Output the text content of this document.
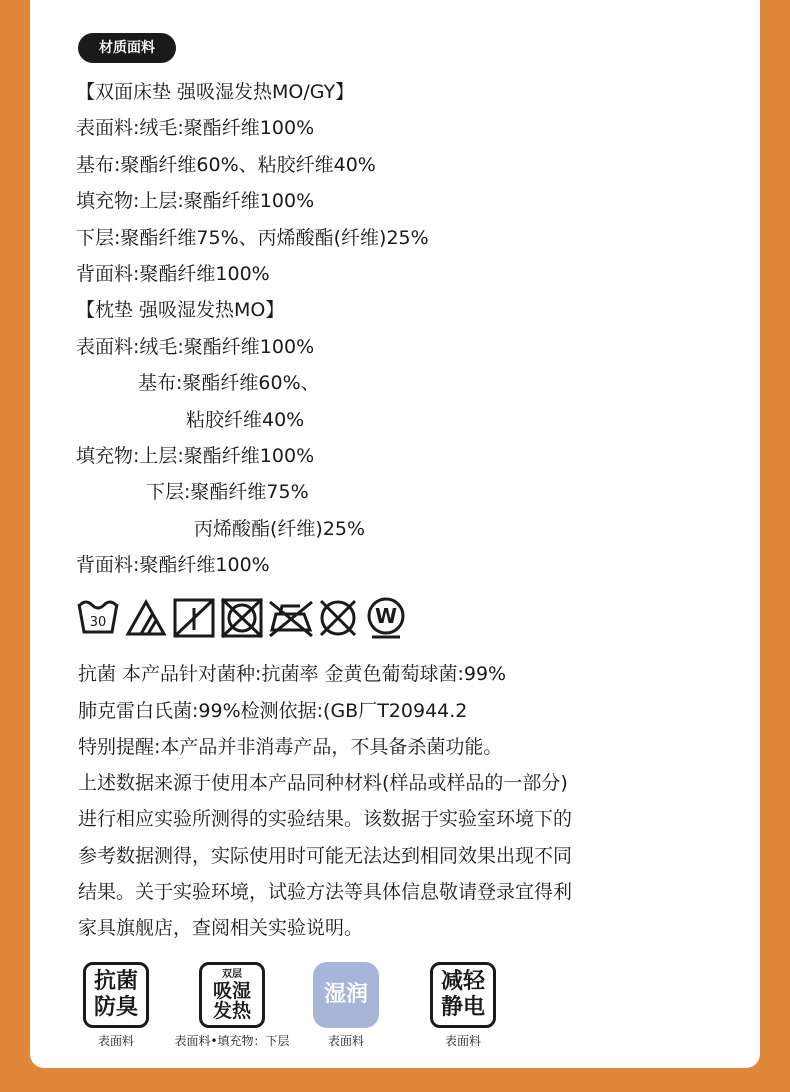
材质面料
【双面床垫 强吸湿发热MO/GY】
表面料:绒毛:聚酯纤维100%
基布:聚酯纤维60%、粘胶纤维40%
填充物:上层:聚酯纤维100%
下层:聚酯纤维75%、丙烯酸酯(纤维)25%
背面料:聚酯纤维100%
【枕垫 强吸湿发热MO】
表面料:绒毛:聚酯纤维100%
基布:聚酯纤维60%、
粘胶纤维40%
填充物:上层:聚酯纤维100%
下层:聚酯纤维75%
丙烯酸酯(纤维)25%
背面料:聚酯纤维100%
30	W
抗菌 本产品针对菌种:抗菌率 金黄色葡萄球菌:99%
肺克雷白氏菌:99%检测依据:(GB厂T20944.2
特别提醒:本产品并非消毒产品，不具备杀菌功能。
上述数据来源于使用本产品同种材料(样品或样品的一部分)
进行相应实验所测得的实验结果。该数据于实验室环境下的
参考数据测得，实际使用时可能无法达到相同效果出现不同
结果。关于实验环境，试验方法等具体信息敬请登录宜得利
家具旗舰店，查阅相关实验说明。
抗菌
防臭
表面料
双层
吸湿
发热
表面料•填充物：下层
湿润
表面料
减轻
静电
表面料
